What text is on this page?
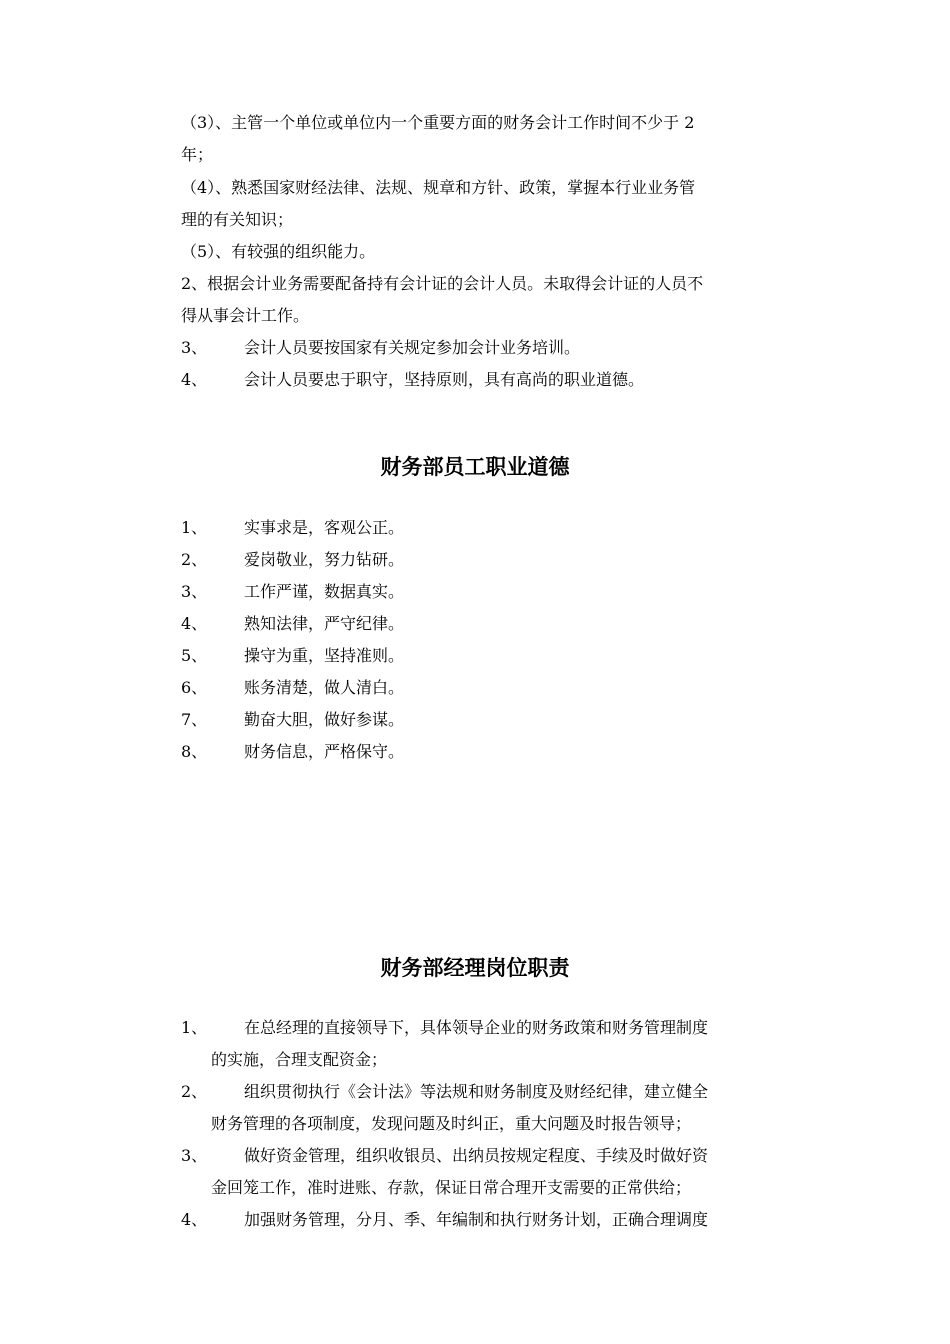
（3）、主管一个单位或单位内一个重要方面的财务会计工作时间不少于 2
年；
（4）、熟悉国家财经法律、法规、规章和方针、政策，掌握本行业业务管
理的有关知识；
（5）、有较强的组织能力。
2、根据会计业务需要配备持有会计证的会计人员。未取得会计证的人员不
得从事会计工作。
3、 会计人员要按国家有关规定参加会计业务培训。
4、 会计人员要忠于职守，坚持原则，具有高尚的职业道德。
财务部员工职业道德
1、 实事求是，客观公正。
2、 爱岗敬业，努力钻研。
3、 工作严谨，数据真实。
4、 熟知法律，严守纪律。
5、 操守为重，坚持准则。
6、 账务清楚，做人清白。
7、 勤奋大胆，做好参谋。
8、 财务信息，严格保守。
财务部经理岗位职责
1、 在总经理的直接领导下，具体领导企业的财务政策和财务管理制度
的实施，合理支配资金；
2、 组织贯彻执行《会计法》等法规和财务制度及财经纪律，建立健全
财务管理的各项制度，发现问题及时纠正，重大问题及时报告领导；
3、 做好资金管理，组织收银员、出纳员按规定程度、手续及时做好资
金回笼工作，准时进账、存款，保证日常合理开支需要的正常供给；
4、 加强财务管理，分月、季、年编制和执行财务计划，正确合理调度
